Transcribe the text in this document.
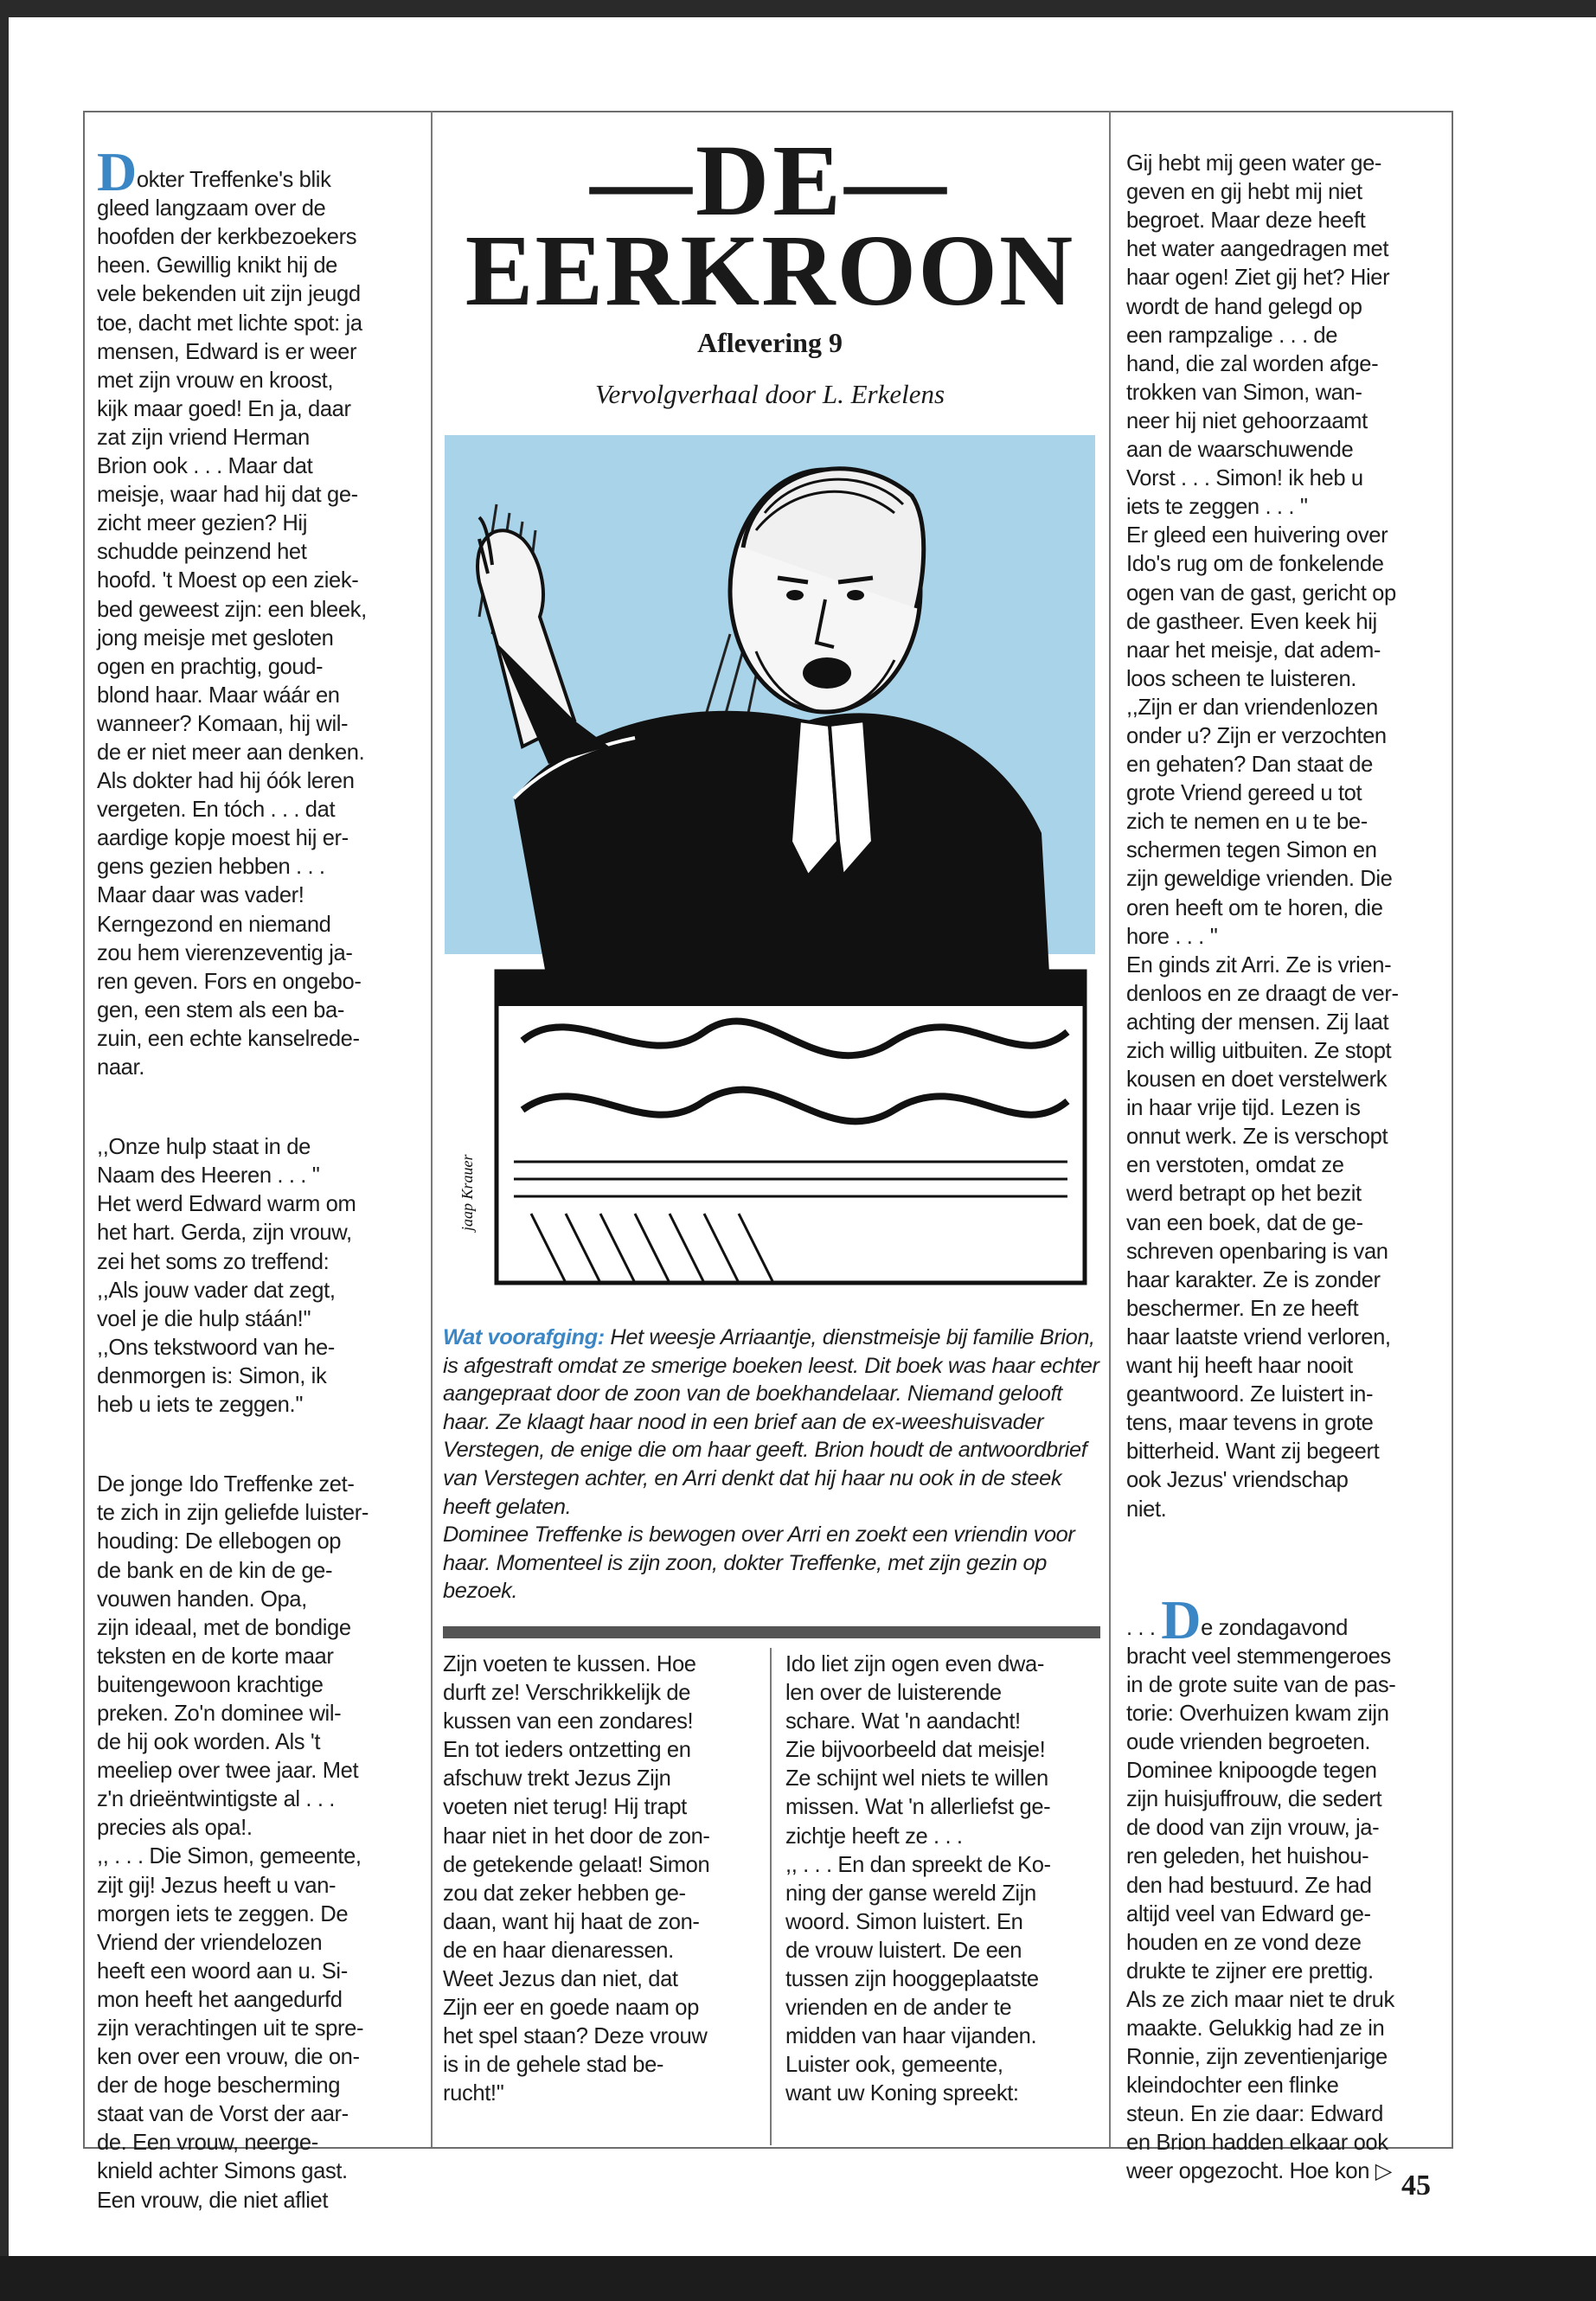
Dokter Treffenke's blik
gleed langzaam over de
hoofden der kerkbezoekers
heen. Gewillig knikt hij de
vele bekenden uit zijn jeugd
toe, dacht met lichte spot: ja
mensen, Edward is er weer
met zijn vrouw en kroost,
kijk maar goed! En ja, daar
zat zijn vriend Herman
Brion ook . . . Maar dat
meisje, waar had hij dat ge-
zicht meer gezien? Hij
schudde peinzend het
hoofd. 't Moest op een ziek-
bed geweest zijn: een bleek,
jong meisje met gesloten
ogen en prachtig, goud-
blond haar. Maar wáár en
wanneer? Komaan, hij wil-
de er niet meer aan denken.
Als dokter had hij óók leren
vergeten. En tóch . . . dat
aardige kopje moest hij er-
gens gezien hebben . . .
Maar daar was vader!
Kerngezond en niemand
zou hem vierenzeventig ja-
ren geven. Fors en ongebo-
gen, een stem als een ba-
zuin, een echte kanselrede-
naar.

,,Onze hulp staat in de
Naam des Heeren . . . ''
Het werd Edward warm om
het hart. Gerda, zijn vrouw,
zei het soms zo treffend:
,,Als jouw vader dat zegt,
voel je die hulp stáán!''
,,Ons tekstwoord van he-
denmorgen is: Simon, ik
heb u iets te zeggen.''

De jonge Ido Treffenke zet-
te zich in zijn geliefde luister-
houding: De ellebogen op
de bank en de kin de ge-
vouwen handen. Opa,
zijn ideaal, met de bondige
teksten en de korte maar
buitengewoon krachtige
preken. Zo'n dominee wil-
de hij ook worden. Als 't
meeliep over twee jaar. Met
z'n drieëntwintigste al . . .
precies als opa!.
,, . . . Die Simon, gemeente,
zijt gij! Jezus heeft u van-
morgen iets te zeggen. De
Vriend der vriendelozen
heeft een woord aan u. Si-
mon heeft het aangedurfd
zijn verachtingen uit te spre-
ken over een vrouw, die on-
der de hoge bescherming
staat van de Vorst der aar-
de. Een vrouw, neerge-
knield achter Simons gast.
Een vrouw, die niet afliet

—DE—
EERKROON
Aflevering 9
Vervolgverhaal door L. Erkelens
jaap Krauer

Wat voorafging: Het weesje Arriaantje, dienstmeisje bij familie Brion, is afgestraft omdat ze smerige boeken leest. Dit boek was haar echter aangepraat door de zoon van de boekhandelaar. Niemand gelooft haar. Ze klaagt haar nood in een brief aan de ex-weeshuisvader Verstegen, de enige die om haar geeft. Brion houdt de antwoordbrief van Verstegen achter, en Arri denkt dat hij haar nu ook in de steek heeft gelaten.

Dominee Treffenke is bewogen over Arri en zoekt een vriendin voor haar. Momenteel is zijn zoon, dokter Treffenke, met zijn gezin op bezoek.

Zijn voeten te kussen. Hoe
durft ze! Verschrikkelijk de
kussen van een zondares!
En tot ieders ontzetting en
afschuw trekt Jezus Zijn
voeten niet terug! Hij trapt
haar niet in het door de zon-
de getekende gelaat! Simon
zou dat zeker hebben ge-
daan, want hij haat de zon-
de en haar dienaressen.
Weet Jezus dan niet, dat
Zijn eer en goede naam op
het spel staan? Deze vrouw
is in de gehele stad be-
rucht!''
Ido liet zijn ogen even dwa-
len over de luisterende
schare. Wat 'n aandacht!
Zie bijvoorbeeld dat meisje!
Ze schijnt wel niets te willen
missen. Wat 'n allerliefst ge-
zichtje heeft ze . . .
,, . . . En dan spreekt de Ko-
ning der ganse wereld Zijn
woord. Simon luistert. En
de vrouw luistert. De een
tussen zijn hooggeplaatste
vrienden en de ander te
midden van haar vijanden.
Luister ook, gemeente,
want uw Koning spreekt:

Gij hebt mij geen water ge-
geven en gij hebt mij niet
begroet. Maar deze heeft
het water aangedragen met
haar ogen! Ziet gij het? Hier
wordt de hand gelegd op
een rampzalige . . . de
hand, die zal worden afge-
trokken van Simon, wan-
neer hij niet gehoorzaamt
aan de waarschuwende
Vorst . . . Simon! ik heb u
iets te zeggen . . . ''
Er gleed een huivering over
Ido's rug om de fonkelende
ogen van de gast, gericht op
de gastheer. Even keek hij
naar het meisje, dat adem-
loos scheen te luisteren.
,,Zijn er dan vriendenlozen
onder u? Zijn er verzochten
en gehaten? Dan staat de
grote Vriend gereed u tot
zich te nemen en u te be-
schermen tegen Simon en
zijn geweldige vrienden. Die
oren heeft om te horen, die
hore . . . ''
En ginds zit Arri. Ze is vrien-
denloos en ze draagt de ver-
achting der mensen. Zij laat
zich willig uitbuiten. Ze stopt
kousen en doet verstelwerk
in haar vrije tijd. Lezen is
onnut werk. Ze is verschopt
en verstoten, omdat ze
werd betrapt op het bezit
van een boek, dat de ge-
schreven openbaring is van
haar karakter. Ze is zonder
beschermer. En ze heeft
haar laatste vriend verloren,
want hij heeft haar nooit
geantwoord. Ze luistert in-
tens, maar tevens in grote
bitterheid. Want zij begeert
ook Jezus' vriendschap
niet.

. . . De zondagavond
bracht veel stemmengeroes
in de grote suite van de pas-
torie: Overhuizen kwam zijn
oude vrienden begroeten.
Dominee knipoogde tegen
zijn huisjuffrouw, die sedert
de dood van zijn vrouw, ja-
ren geleden, het huishou-
den had bestuurd. Ze had
altijd veel van Edward ge-
houden en ze vond deze
drukte te zijner ere prettig.
Als ze zich maar niet te druk
maakte. Gelukkig had ze in
Ronnie, zijn zeventienjarige
kleindochter een flinke
steun. En zie daar: Edward
en Brion hadden elkaar ook
weer opgezocht. Hoe kon ▷ 45
